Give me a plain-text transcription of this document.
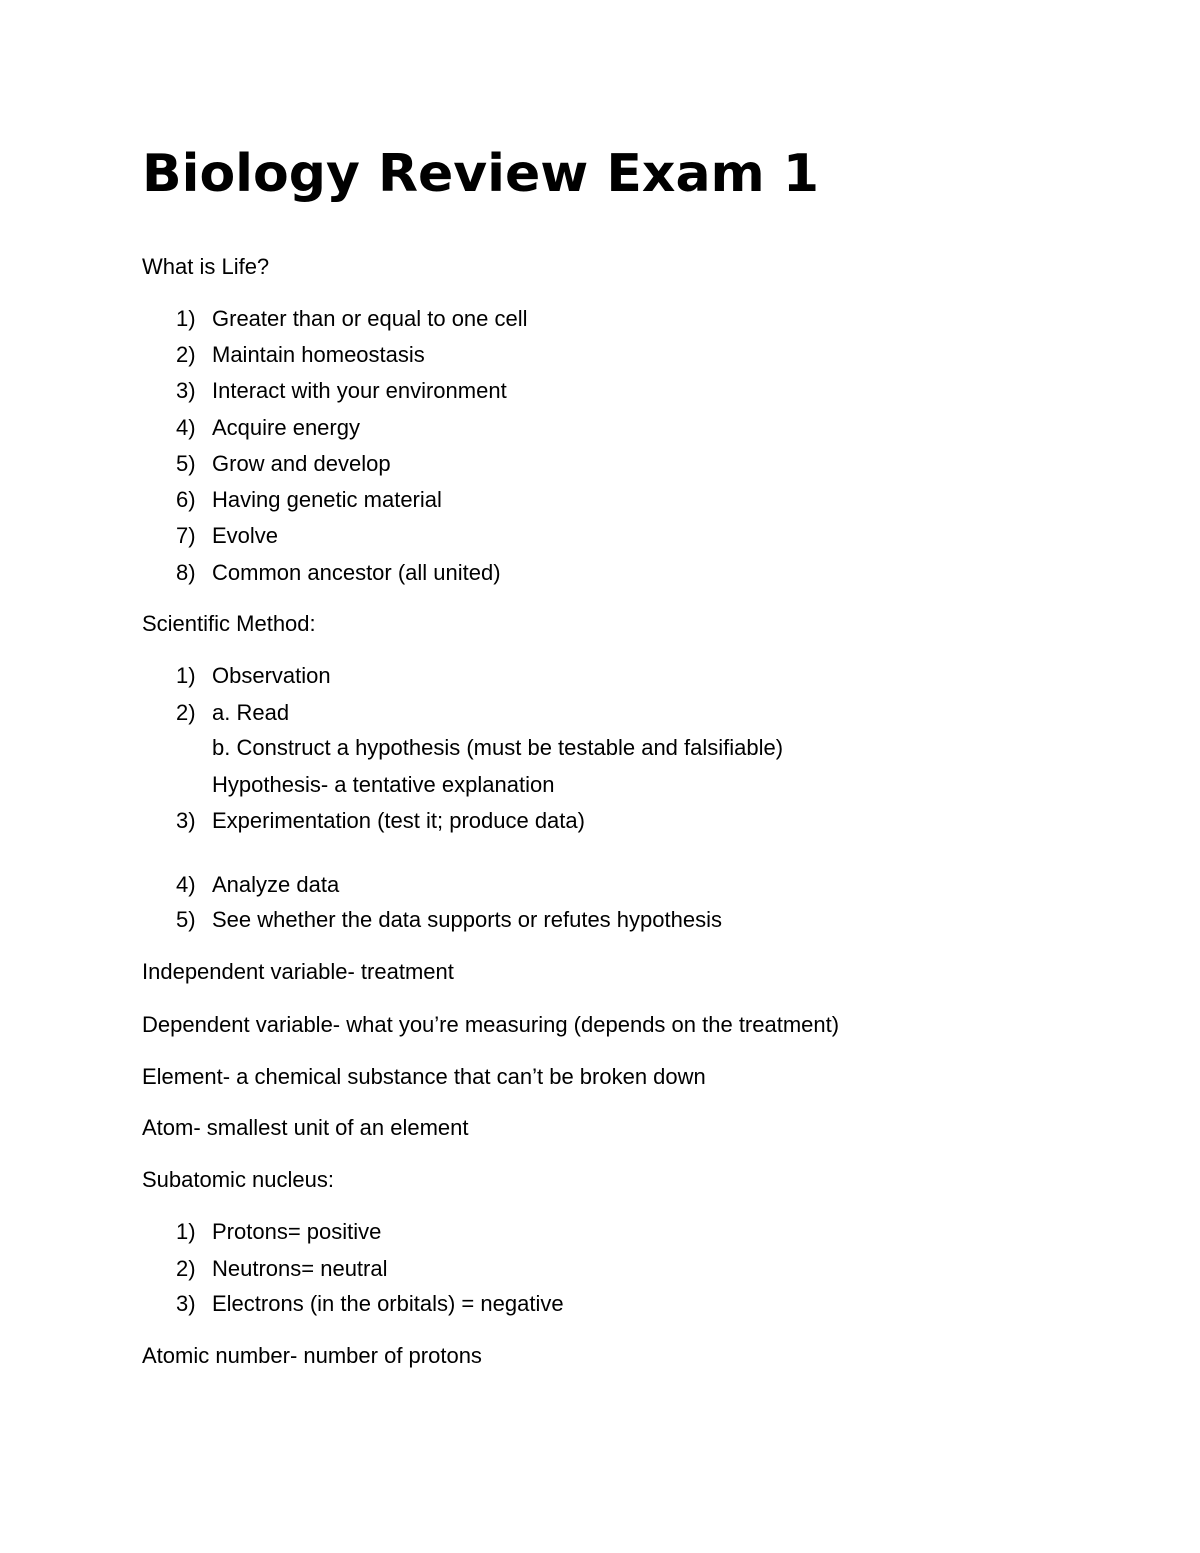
Biology Review Exam 1

What is Life?

1) Greater than or equal to one cell
2) Maintain homeostasis
3) Interact with your environment
4) Acquire energy
5) Grow and develop
6) Having genetic material
7) Evolve
8) Common ancestor (all united)

Scientific Method:

1) Observation
2) a. Read
b. Construct a hypothesis (must be testable and falsifiable)
Hypothesis- a tentative explanation
3) Experimentation (test it; produce data)
4) Analyze data
5) See whether the data supports or refutes hypothesis

Independent variable- treatment

Dependent variable- what you’re measuring (depends on the treatment)

Element- a chemical substance that can’t be broken down

Atom- smallest unit of an element

Subatomic nucleus:

1) Protons= positive
2) Neutrons= neutral
3) Electrons (in the orbitals) = negative

Atomic number- number of protons
